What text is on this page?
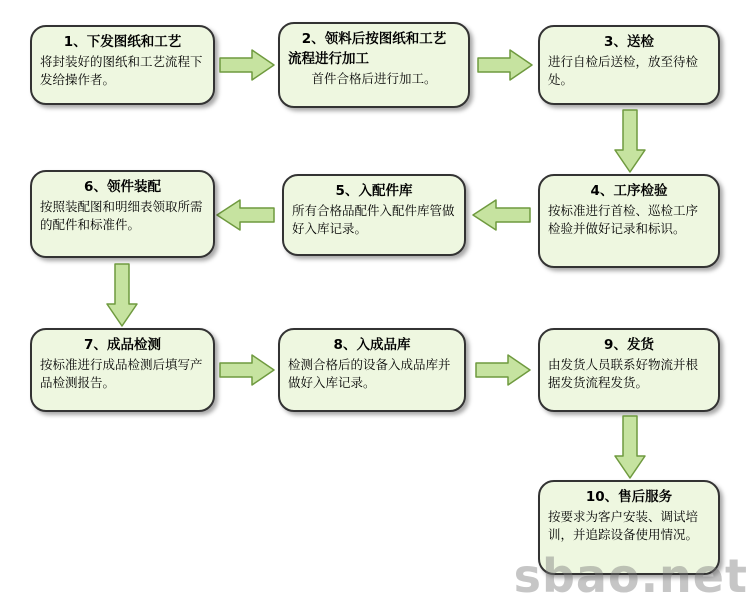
1、下发图纸和工艺
将封装好的图纸和工艺流程下发给操作者。
2、领料后按图纸和工艺
流程进行加工
首件合格后进行加工。
3、送检
进行自检后送检，放至待检处。
4、工序检验
按标准进行首检、巡检工序检验并做好记录和标识。
5、入配件库
所有合格品配件入配件库管做好入库记录。
6、领件装配
按照装配图和明细表领取所需的配件和标准件。
7、成品检测
按标准进行成品检测后填写产品检测报告。
8、入成品库
检测合格后的设备入成品库并做好入库记录。
9、发货
由发货人员联系好物流并根据发货流程发货。
10、售后服务
按要求为客户安装、调试培训，并追踪设备使用情况。
sbao.net
